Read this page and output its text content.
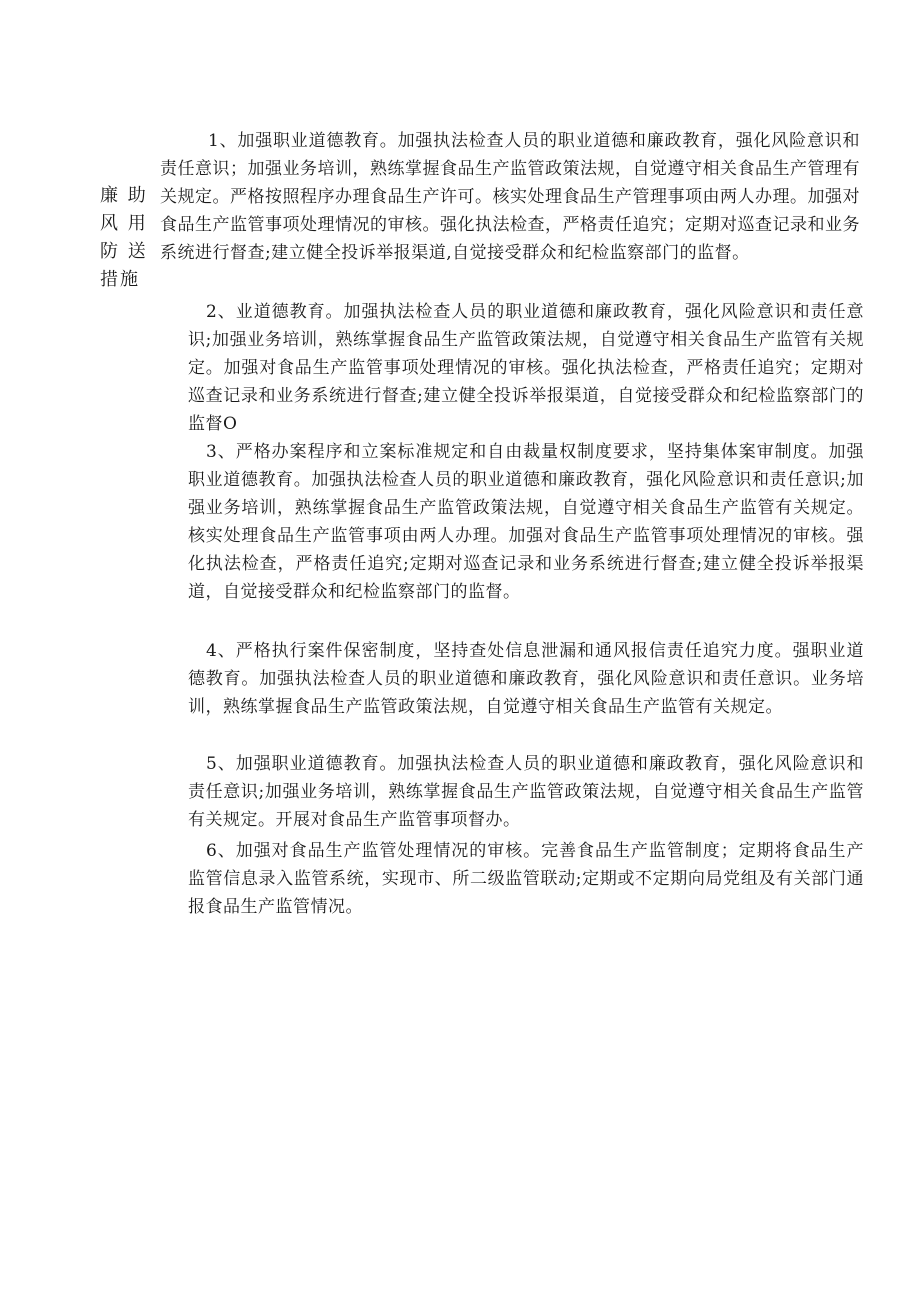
廉 助
风 用
防 送
措施

1、加强职业道德教育。加强执法检查人员的职业道德和廉政教育，强化风险意识和责任意识；加强业务培训，熟练掌握食品生产监管政策法规，自觉遵守相关食品生产管理有关规定。严格按照程序办理食品生产许可。核实处理食品生产管理事项由两人办理。加强对食品生产监管事项处理情况的审核。强化执法检查，严格责任追究；定期对巡查记录和业务系统进行督查;建立健全投诉举报渠道,自觉接受群众和纪检监察部门的监督。

2、业道德教育。加强执法检查人员的职业道德和廉政教育，强化风险意识和责任意识;加强业务培训，熟练掌握食品生产监管政策法规，自觉遵守相关食品生产监管有关规定。加强对食品生产监管事项处理情况的审核。强化执法检查，严格责任追究；定期对巡查记录和业务系统进行督查;建立健全投诉举报渠道，自觉接受群众和纪检监察部门的监督O

3、严格办案程序和立案标准规定和自由裁量权制度要求，坚持集体案审制度。加强职业道德教育。加强执法检查人员的职业道德和廉政教育，强化风险意识和责任意识;加强业务培训，熟练掌握食品生产监管政策法规，自觉遵守相关食品生产监管有关规定。核实处理食品生产监管事项由两人办理。加强对食品生产监管事项处理情况的审核。强化执法检查，严格责任追究;定期对巡查记录和业务系统进行督查;建立健全投诉举报渠道，自觉接受群众和纪检监察部门的监督。

4、严格执行案件保密制度，坚持查处信息泄漏和通风报信责任追究力度。强职业道德教育。加强执法检查人员的职业道德和廉政教育，强化风险意识和责任意识。业务培训，熟练掌握食品生产监管政策法规，自觉遵守相关食品生产监管有关规定。

5、加强职业道德教育。加强执法检查人员的职业道德和廉政教育，强化风险意识和责任意识;加强业务培训，熟练掌握食品生产监管政策法规，自觉遵守相关食品生产监管有关规定。开展对食品生产监管事项督办。

6、加强对食品生产监管处理情况的审核。完善食品生产监管制度；定期将食品生产监管信息录入监管系统，实现市、所二级监管联动;定期或不定期向局党组及有关部门通报食品生产监管情况。
